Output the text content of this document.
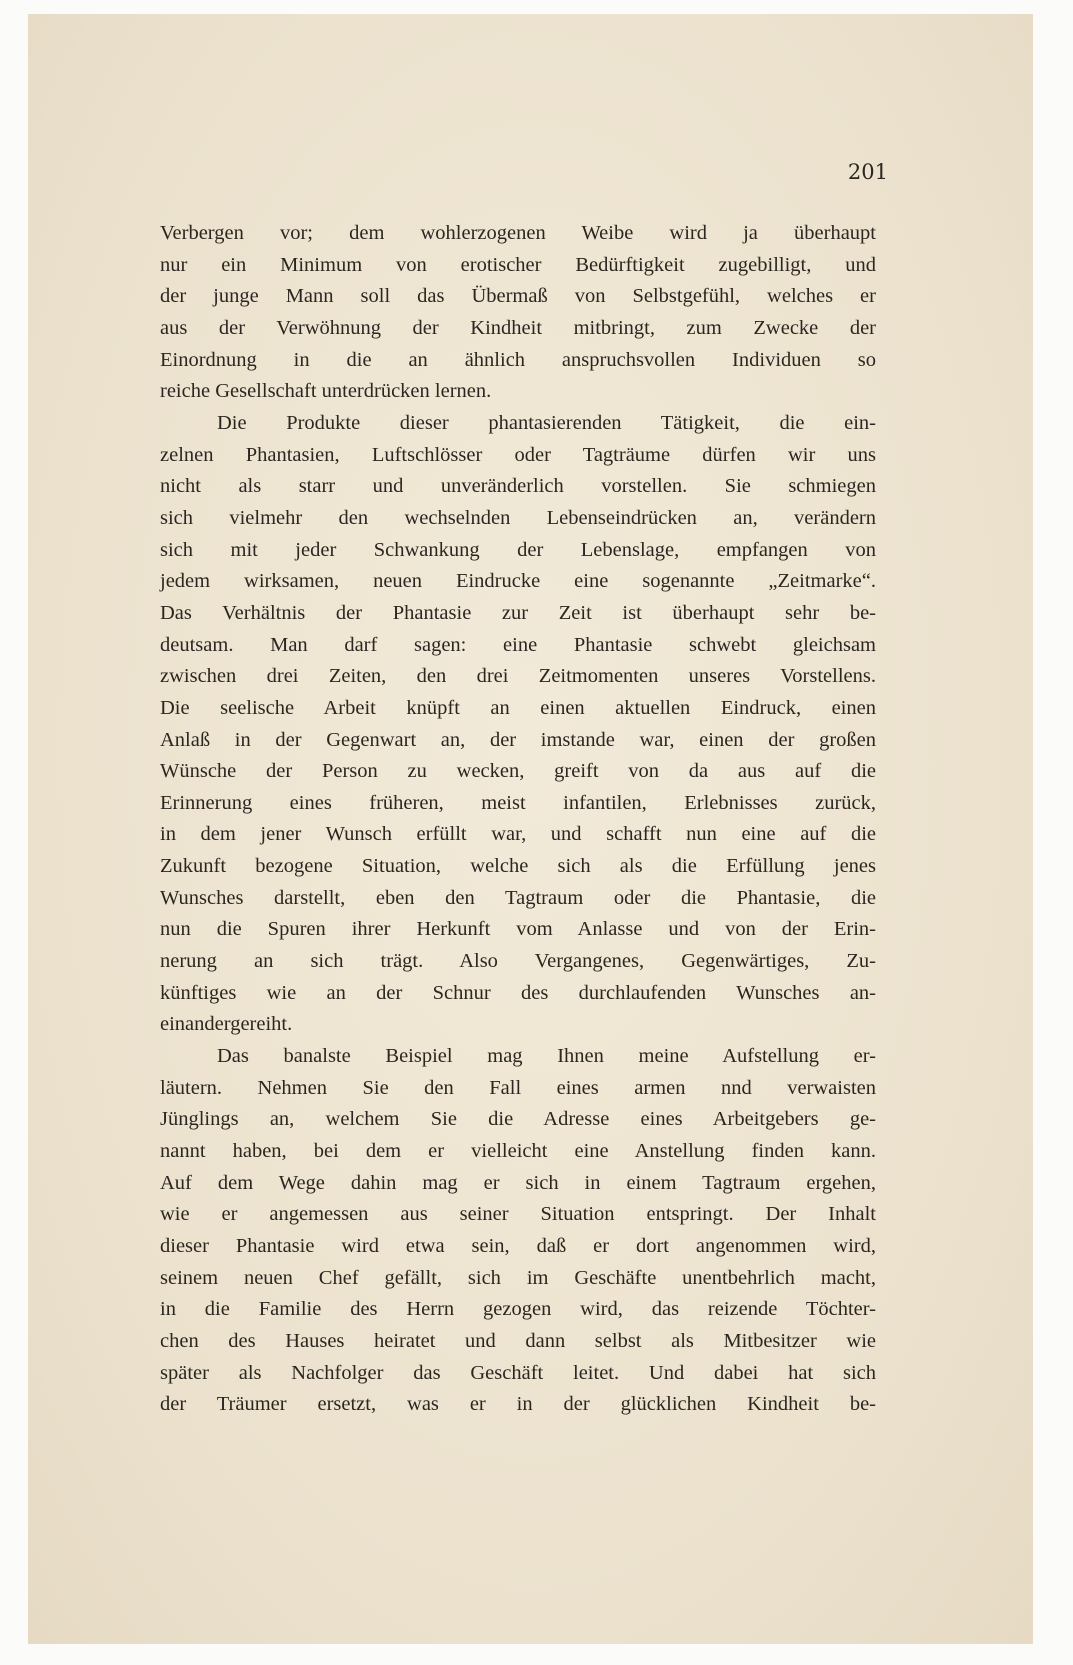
201
Verbergen vor; dem wohlerzogenen Weibe wird ja überhaupt
nur ein Minimum von erotischer Bedürftigkeit zugebilligt, und
der junge Mann soll das Übermaß von Selbstgefühl, welches er
aus der Verwöhnung der Kindheit mitbringt, zum Zwecke der
Einordnung in die an ähnlich anspruchsvollen Individuen so
reiche Gesellschaft unterdrücken lernen.
Die Produkte dieser phantasierenden Tätigkeit, die ein-
zelnen Phantasien, Luftschlösser oder Tagträume dürfen wir uns
nicht als starr und unveränderlich vorstellen. Sie schmiegen
sich vielmehr den wechselnden Lebenseindrücken an, verändern
sich mit jeder Schwankung der Lebenslage, empfangen von
jedem wirksamen, neuen Eindrucke eine sogenannte „Zeitmarke“.
Das Verhältnis der Phantasie zur Zeit ist überhaupt sehr be-
deutsam. Man darf sagen: eine Phantasie schwebt gleichsam
zwischen drei Zeiten, den drei Zeitmomenten unseres Vorstellens.
Die seelische Arbeit knüpft an einen aktuellen Eindruck, einen
Anlaß in der Gegenwart an, der imstande war, einen der großen
Wünsche der Person zu wecken, greift von da aus auf die
Erinnerung eines früheren, meist infantilen, Erlebnisses zurück,
in dem jener Wunsch erfüllt war, und schafft nun eine auf die
Zukunft bezogene Situation, welche sich als die Erfüllung jenes
Wunsches darstellt, eben den Tagtraum oder die Phantasie, die
nun die Spuren ihrer Herkunft vom Anlasse und von der Erin-
nerung an sich trägt. Also Vergangenes, Gegenwärtiges, Zu-
künftiges wie an der Schnur des durchlaufenden Wunsches an-
einandergereiht.
Das banalste Beispiel mag Ihnen meine Aufstellung er-
läutern. Nehmen Sie den Fall eines armen nnd verwaisten
Jünglings an, welchem Sie die Adresse eines Arbeitgebers ge-
nannt haben, bei dem er vielleicht eine Anstellung finden kann.
Auf dem Wege dahin mag er sich in einem Tagtraum ergehen,
wie er angemessen aus seiner Situation entspringt. Der Inhalt
dieser Phantasie wird etwa sein, daß er dort angenommen wird,
seinem neuen Chef gefällt, sich im Geschäfte unentbehrlich macht,
in die Familie des Herrn gezogen wird, das reizende Töchter-
chen des Hauses heiratet und dann selbst als Mitbesitzer wie
später als Nachfolger das Geschäft leitet. Und dabei hat sich
der Träumer ersetzt, was er in der glücklichen Kindheit be-
